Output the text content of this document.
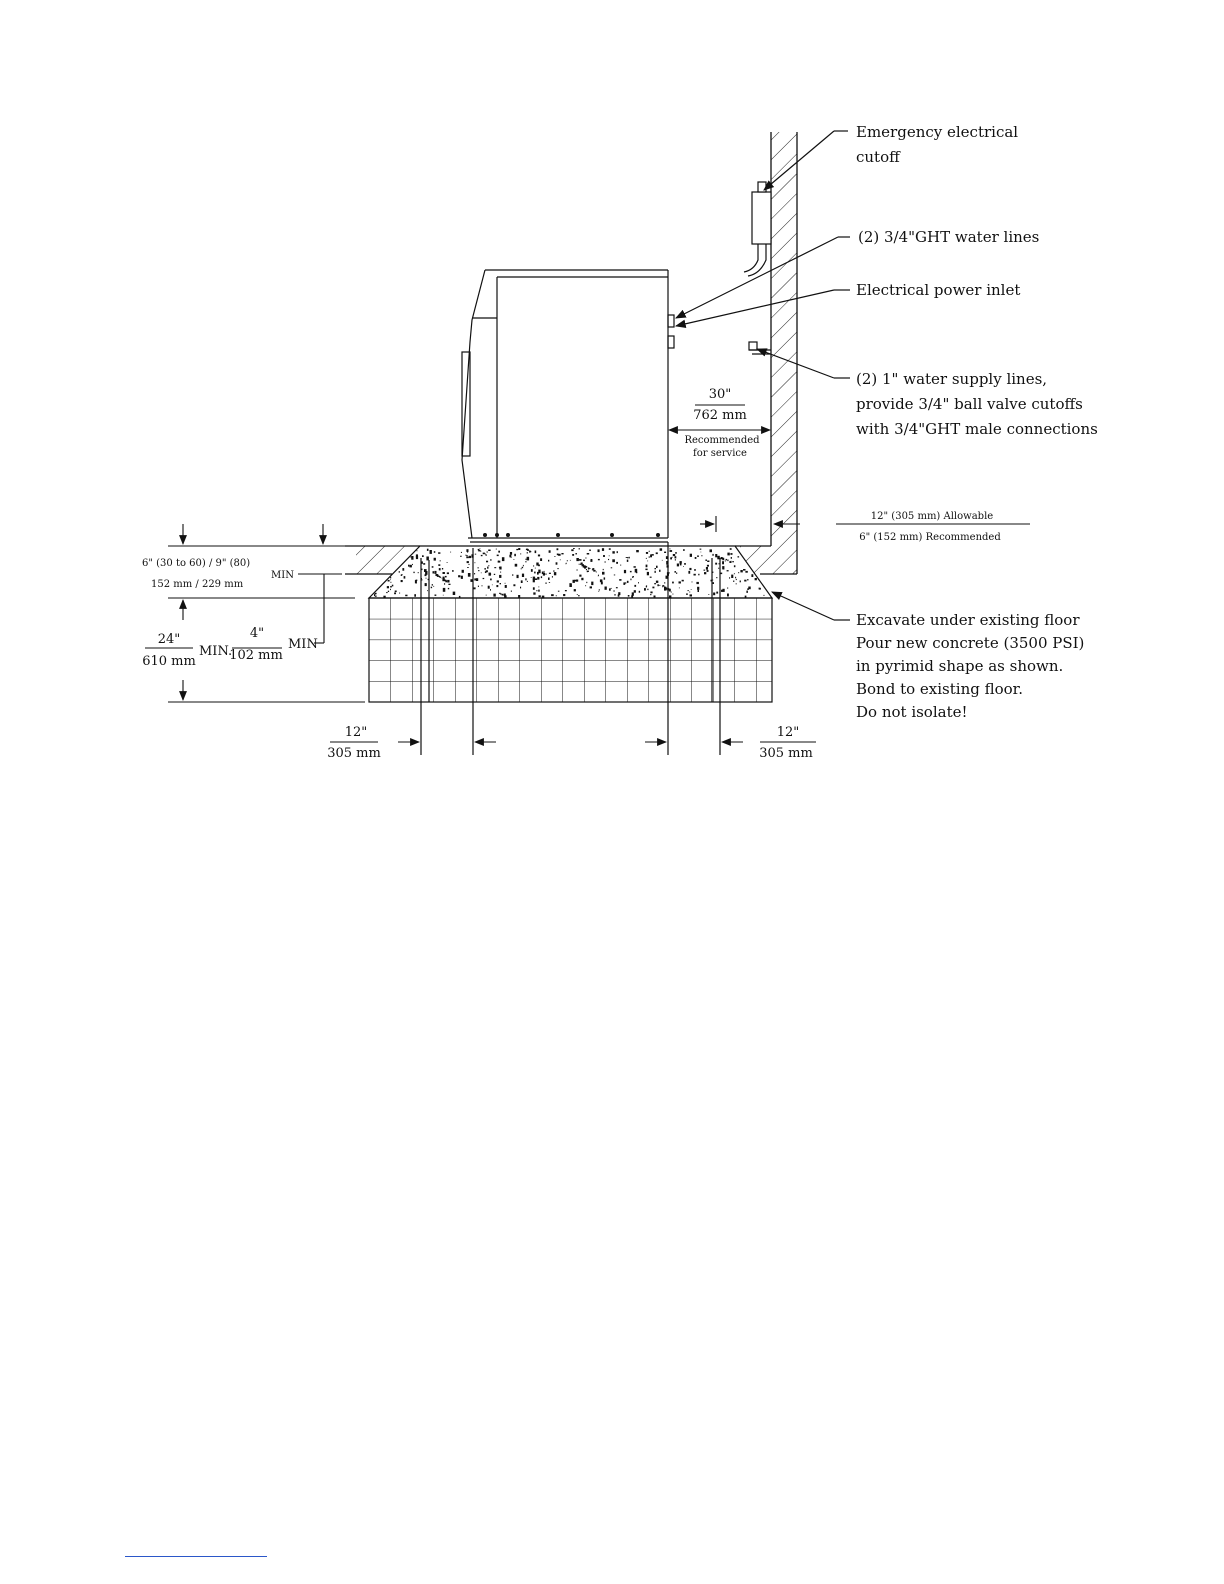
Emergency electrical
cutoff
(2) 3/4"GHT water lines
Electrical power inlet
(2) 1" water supply lines,
provide 3/4" ball valve cutoffs
with 3/4"GHT male connections
Excavate under existing floor
Pour new concrete (3500 PSI)
in pyrimid shape as shown.
Bond to existing floor.
Do not isolate!
30"
762 mm
Recommended
for service
12" (305 mm) Allowable
6" (152 mm) Recommended
6" (30 to 60) / 9" (80)
152 mm / 229 mm
MIN
24"
610 mm
MIN.
4"
102 mm
MIN
12"
305 mm
12"
305 mm
